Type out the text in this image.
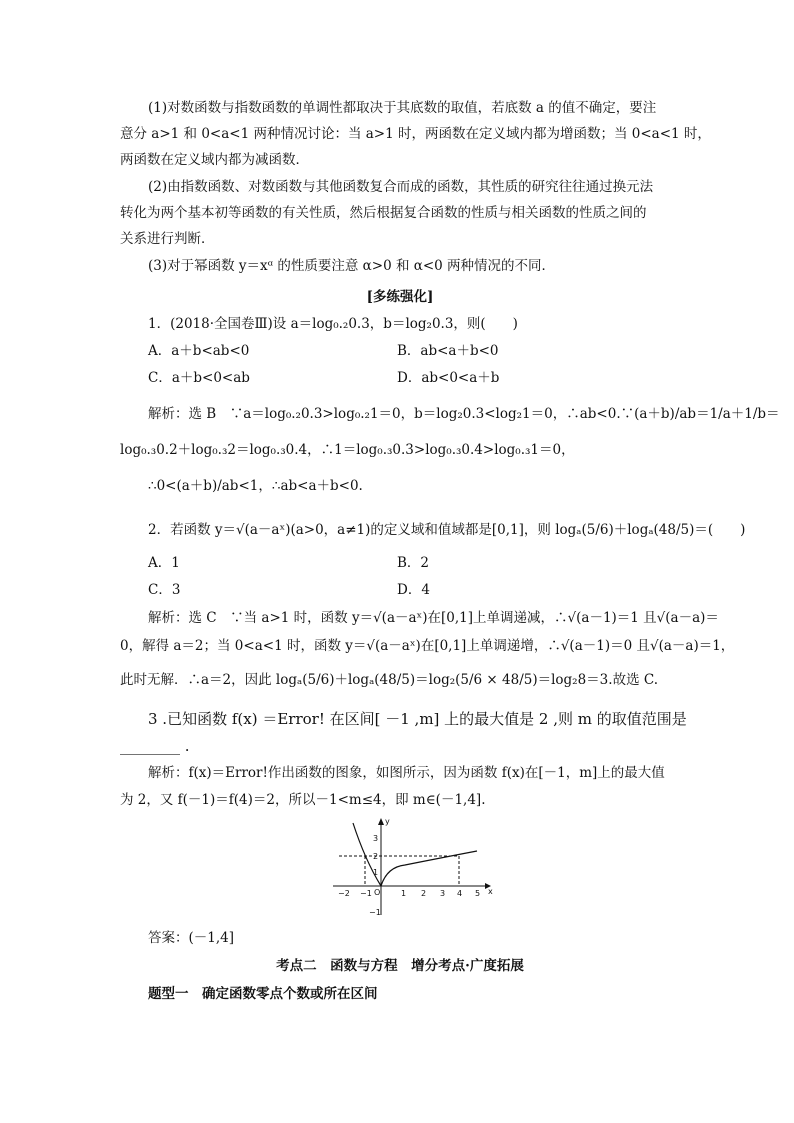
(1)对数函数与指数函数的单调性都取决于其底数的取值，若底数 a 的值不确定，要注
意分 a>1 和 0<a<1 两种情况讨论：当 a>1 时，两函数在定义域内都为增函数；当 0<a<1 时，
两函数在定义域内都为减函数．
(2)由指数函数、对数函数与其他函数复合而成的函数，其性质的研究往往通过换元法
转化为两个基本初等函数的有关性质，然后根据复合函数的性质与相关函数的性质之间的
关系进行判断．
(3)对于幂函数 y＝xᵅ 的性质要注意 α>0 和 α<0 两种情况的不同．
[多练强化]
1．(2018·全国卷Ⅲ)设 a＝log₀.₂0.3，b＝log₂0.3，则(　　)
A．a＋b<ab<0	B．ab<a＋b<0
C．a＋b<0<ab	D．ab<0<a＋b
解析：选 B　∵a＝log₀.₂0.3>log₀.₂1＝0，b＝log₂0.3<log₂1＝0，∴ab<0.∵(a＋b)/ab＝1/a＋1/b＝
log₀.₃0.2＋log₀.₃2＝log₀.₃0.4，∴1＝log₀.₃0.3>log₀.₃0.4>log₀.₃1＝0，
∴0<(a＋b)/ab<1，∴ab<a＋b<0.
2．若函数 y＝√(a－aˣ)(a>0，a≠1)的定义域和值域都是[0,1]，则 logₐ(5/6)＋logₐ(48/5)＝(　　)
A．1	B．2
C．3	D．4
解析：选 C　∵当 a>1 时，函数 y＝√(a－aˣ)在[0,1]上单调递减，∴√(a－1)＝1 且√(a－a)＝
0，解得 a＝2；当 0<a<1 时，函数 y＝√(a－aˣ)在[0,1]上单调递增，∴√(a－1)＝0 且√(a－a)＝1，
此时无解．∴a＝2，因此 logₐ(5/6)＋logₐ(48/5)＝log₂(5/6 × 48/5)＝log₂8＝3.故选 C.
3 .已知函数 f(x) ＝Error! 在区间[ －1 ,m] 上的最大值是 2 ,则 m 的取值范围是
________ .
解析：f(x)＝Error!作出函数的图象，如图所示，因为函数 f(x)在[－1，m]上的最大值
为 2，又 f(－1)＝f(4)＝2，所以－1<m≤4，即 m∈(－1,4].
x
y
O
−2 −1	1 2 3 4 5
3
2
1
−1
答案：(－1,4]
考点二　函数与方程　增分考点·广度拓展
题型一　确定函数零点个数或所在区间
